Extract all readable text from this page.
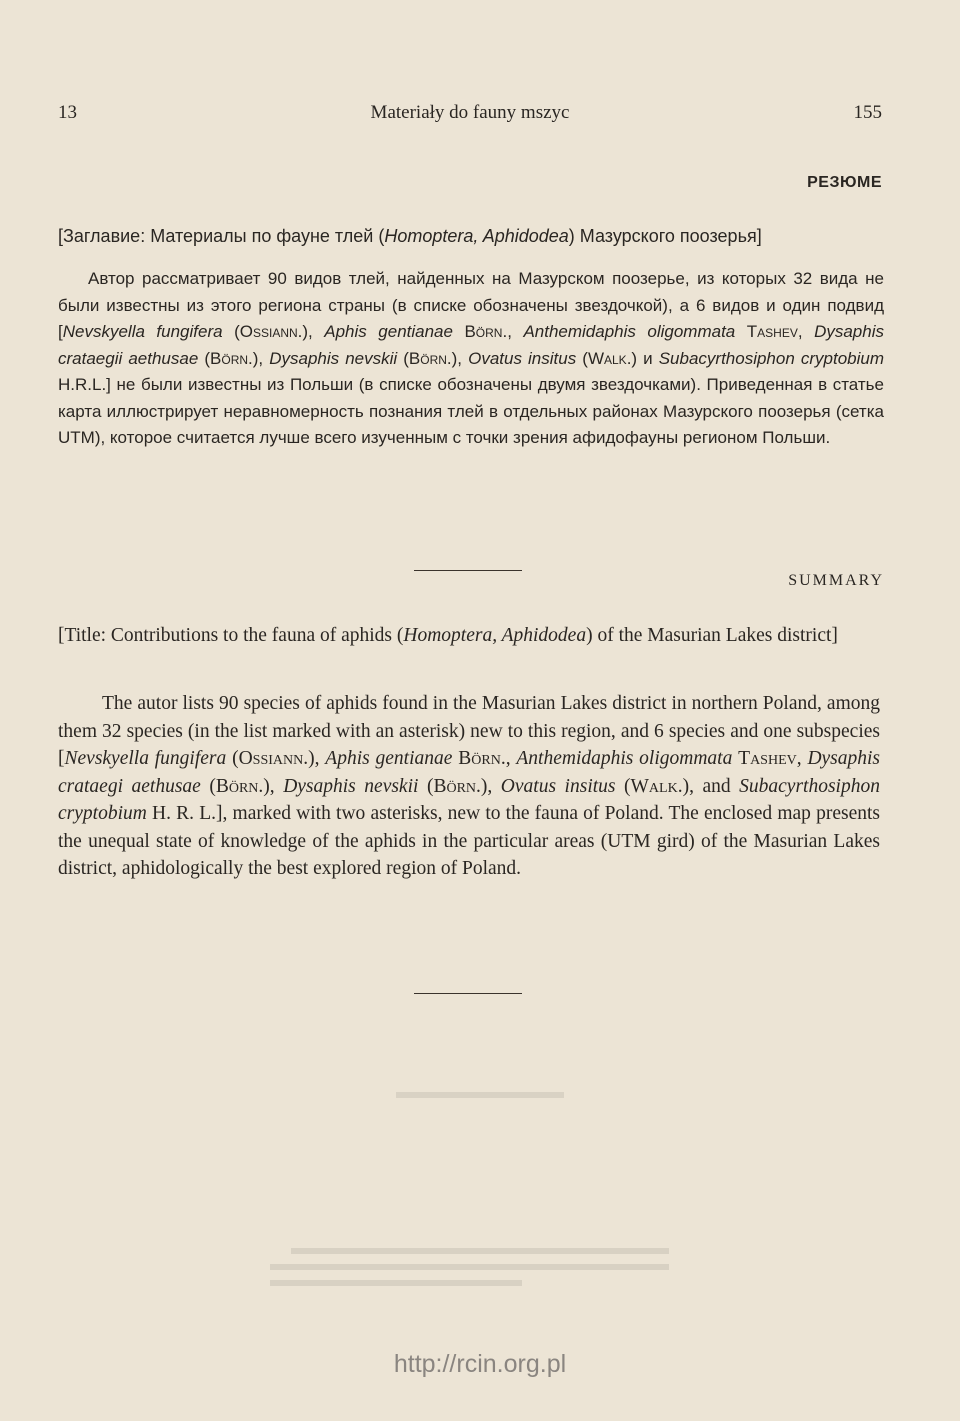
13	Materiały do fauny mszyc	155
РЕЗЮМЕ
[Заглавие: Материалы по фауне тлей (Homoptera, Aphidodea) Мазурского поозерья]
Автор рассматривает 90 видов тлей, найденных на Мазурском поозерье, из которых 32 вида не были известны из этого региона страны (в списке обозначены звездочкой), а 6 видов и один подвид [Nevskyella fungifera (Ossiann.), Aphis gentianae Börn., Anthemidaphis oligommata Tashev, Dysaphis crataegii aethusae (Börn.), Dysaphis nevskii (Börn.), Ovatus insitus (Walk.) и Subacyrthosiphon cryptobium H.R.L.] не были известны из Польши (в списке обозначены двумя звездочками). Приведенная в статье карта иллюстрирует неравномерность познания тлей в отдельных районах Мазурского поозерья (сетка UTM), которое считается лучше всего изученным с точки зрения афидофауны регионом Польши.
SUMMARY
[Title: Contributions to the fauna of aphids (Homoptera, Aphidodea) of the Masurian Lakes district]
The autor lists 90 species of aphids found in the Masurian Lakes district in northern Poland, among them 32 species (in the list marked with an asterisk) new to this region, and 6 species and one subspecies [Nevskyella fungifera (Ossiann.), Aphis gentianae Börn., Anthemidaphis oligommata Tashev, Dysaphis crataegi aethusae (Börn.), Dysaphis nevskii (Börn.), Ovatus insitus (Walk.), and Subacyrthosiphon cryptobium H. R. L.], marked with two asterisks, new to the fauna of Poland. The enclosed map presents the unequal state of knowledge of the aphids in the particular areas (UTM gird) of the Masurian Lakes district, aphidologically the best explored region of Poland.
http://rcin.org.pl
